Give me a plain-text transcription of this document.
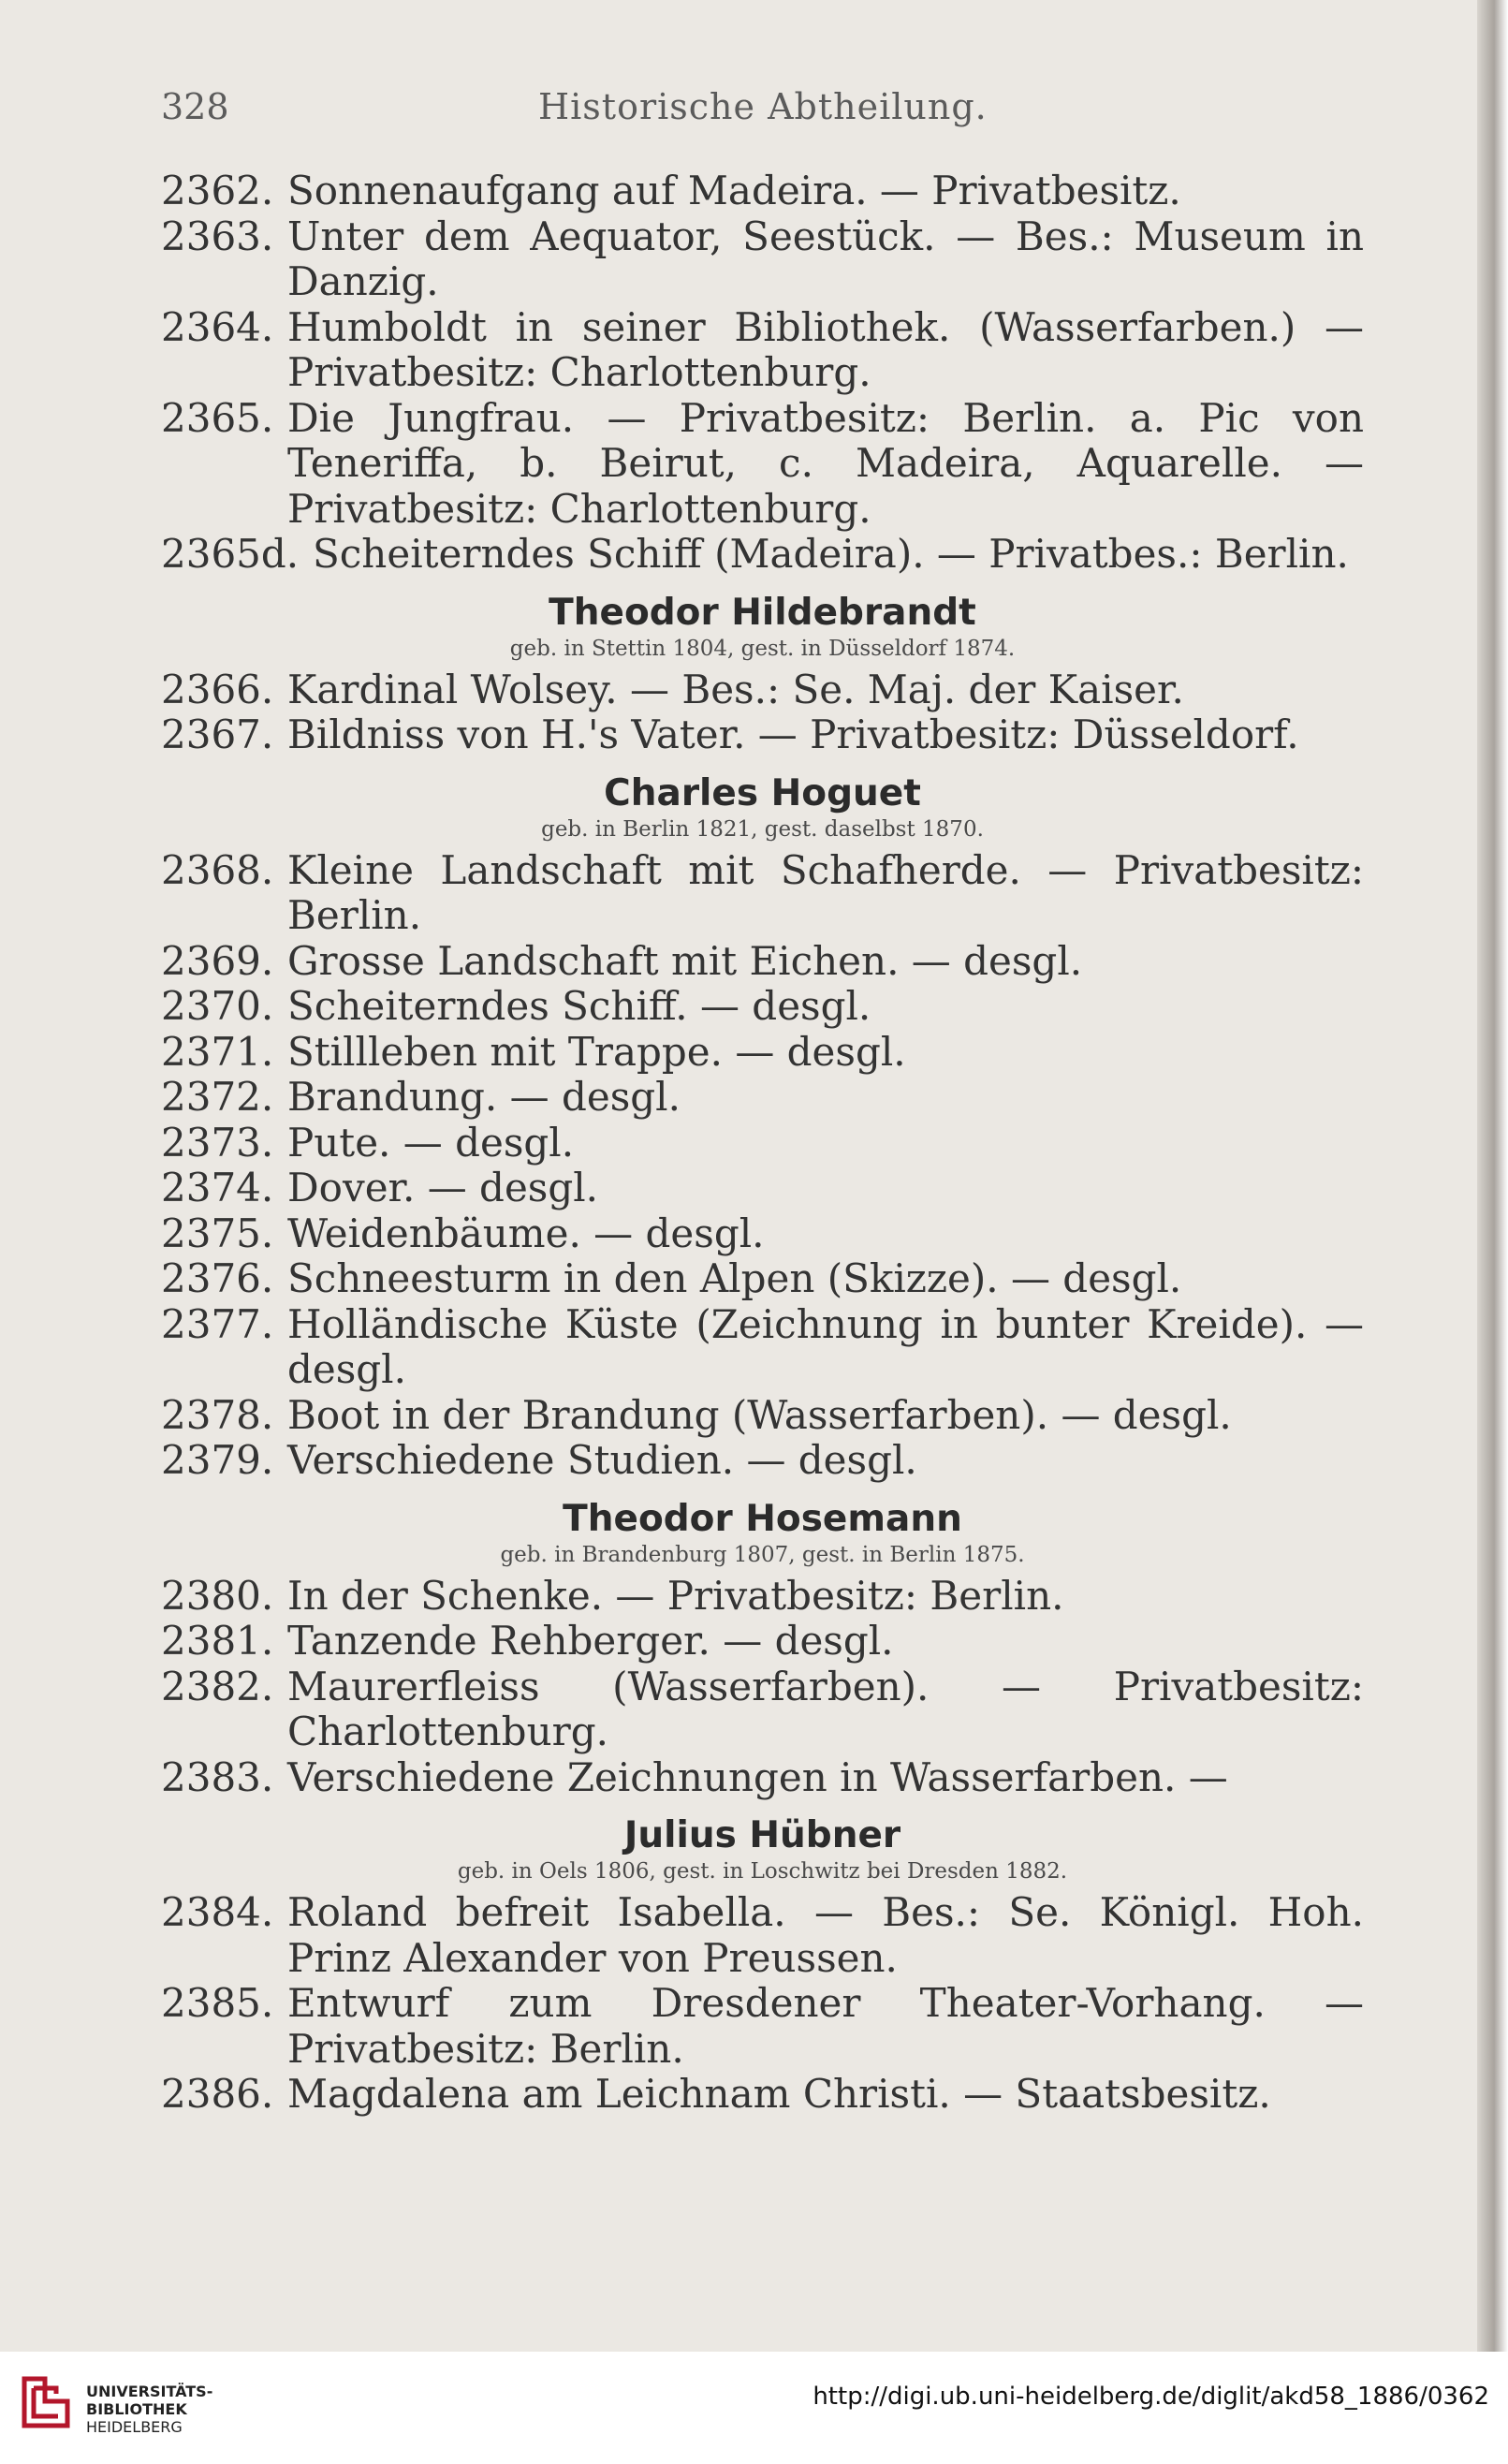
328	Historische Abtheilung.
2362. Sonnenaufgang auf Madeira. — Privatbesitz.
2363. Unter dem Aequator, Seestück. — Bes.: Museum in Danzig.
2364. Humboldt in seiner Bibliothek. (Wasserfarben.) — Privatbesitz: Charlottenburg.
2365. Die Jungfrau. — Privatbesitz: Berlin. a. Pic von Teneriffa, b. Beirut, c. Madeira, Aquarelle. — Privatbesitz: Charlottenburg.
2365d. Scheiterndes Schiff (Madeira). — Privatbes.: Berlin.
Theodor Hildebrandt
geb. in Stettin 1804, gest. in Düsseldorf 1874.
2366. Kardinal Wolsey. — Bes.: Se. Maj. der Kaiser.
2367. Bildniss von H.'s Vater. — Privatbesitz: Düsseldorf.
Charles Hoguet
geb. in Berlin 1821, gest. daselbst 1870.
2368. Kleine Landschaft mit Schafherde. — Privatbesitz: Berlin.
2369. Grosse Landschaft mit Eichen. — desgl.
2370. Scheiterndes Schiff. — desgl.
2371. Stillleben mit Trappe. — desgl.
2372. Brandung. — desgl.
2373. Pute. — desgl.
2374. Dover. — desgl.
2375. Weidenbäume. — desgl.
2376. Schneesturm in den Alpen (Skizze). — desgl.
2377. Holländische Küste (Zeichnung in bunter Kreide). — desgl.
2378. Boot in der Brandung (Wasserfarben). — desgl.
2379. Verschiedene Studien. — desgl.
Theodor Hosemann
geb. in Brandenburg 1807, gest. in Berlin 1875.
2380. In der Schenke. — Privatbesitz: Berlin.
2381. Tanzende Rehberger. — desgl.
2382. Maurerfleiss (Wasserfarben). — Privatbesitz: Charlottenburg.
2383. Verschiedene Zeichnungen in Wasserfarben. —
Julius Hübner
geb. in Oels 1806, gest. in Loschwitz bei Dresden 1882.
2384. Roland befreit Isabella. — Bes.: Se. Königl. Hoh. Prinz Alexander von Preussen.
2385. Entwurf zum Dresdener Theater-Vorhang. — Privatbesitz: Berlin.
2386. Magdalena am Leichnam Christi. — Staatsbesitz.
UNIVERSITÄTS-
BIBLIOTHEK
HEIDELBERG
http://digi.ub.uni-heidelberg.de/diglit/akd58_1886/0362
